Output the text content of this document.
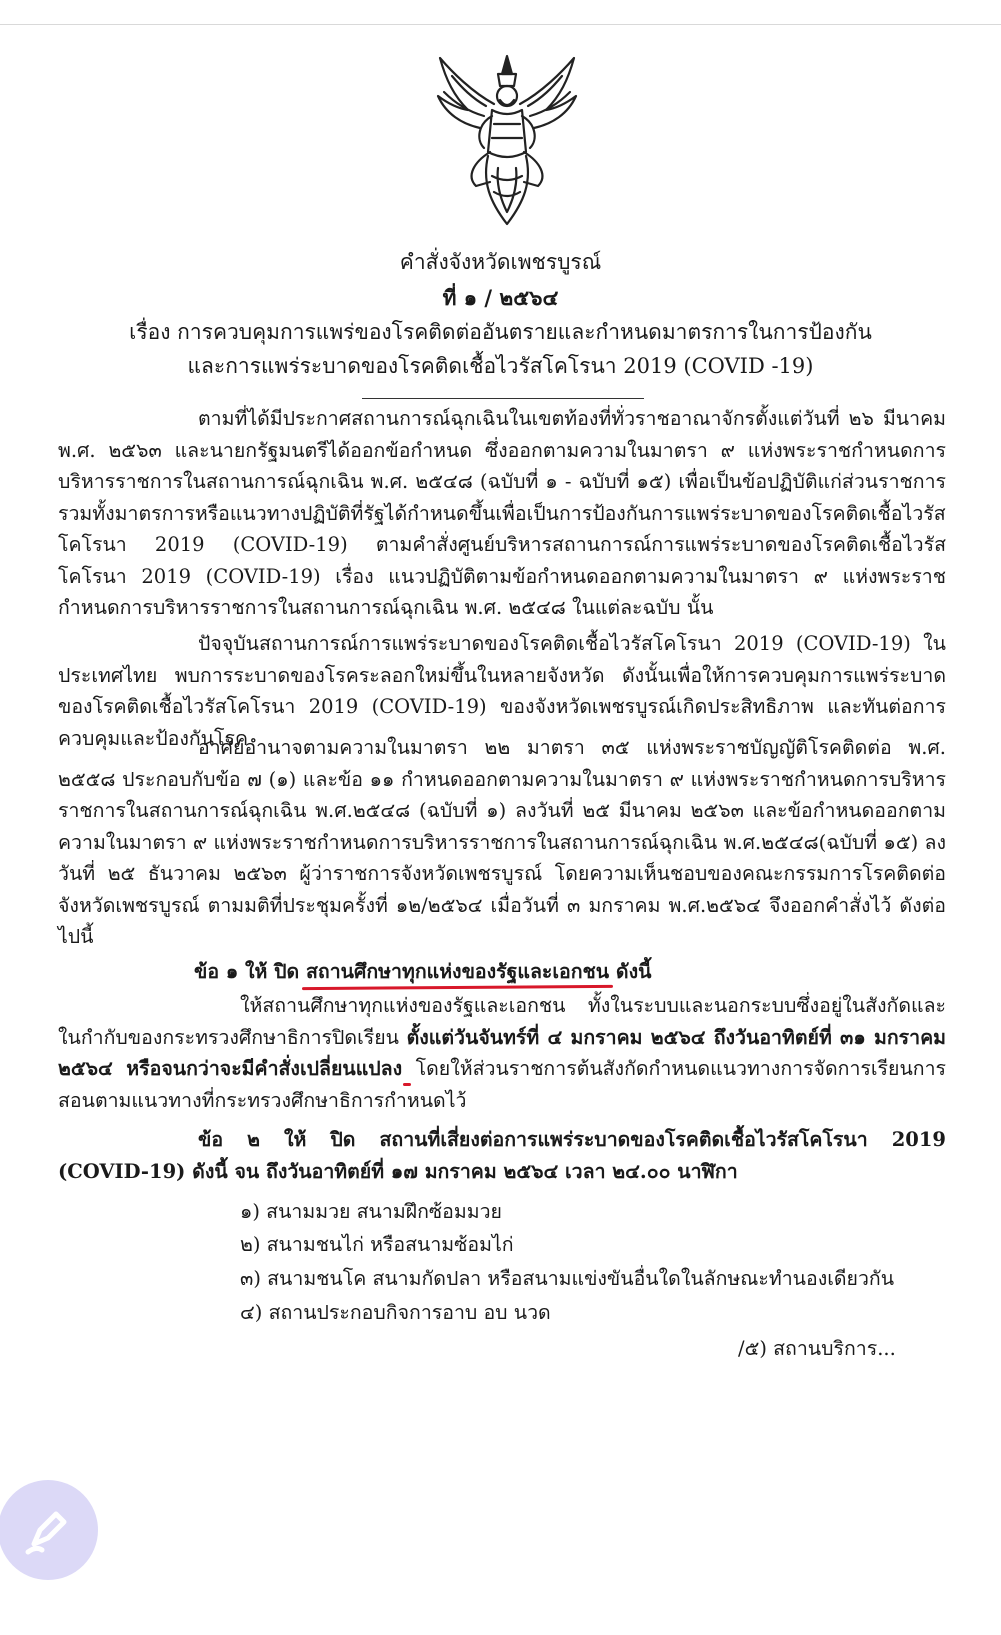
คำสั่งจังหวัดเพชรบูรณ์
ที่ ๑ / ๒๕๖๔
เรื่อง การควบคุมการแพร่ของโรคติดต่ออันตรายและกำหนดมาตรการในการป้องกัน
และการแพร่ระบาดของโรคติดเชื้อไวรัสโคโรนา 2019 (COVID -19)

ตามที่ได้มีประกาศสถานการณ์ฉุกเฉินในเขตท้องที่ทั่วราชอาณาจักรตั้งแต่วันที่ ๒๖ มีนาคม พ.ศ. ๒๕๖๓ และนายกรัฐมนตรีได้ออกข้อกำหนด ซึ่งออกตามความในมาตรา ๙ แห่งพระราชกำหนดการบริหารราชการในสถานการณ์ฉุกเฉิน พ.ศ. ๒๕๔๘ (ฉบับที่ ๑ - ฉบับที่ ๑๕) เพื่อเป็นข้อปฏิบัติแก่ส่วนราชการ รวมทั้งมาตรการหรือแนวทางปฏิบัติที่รัฐได้กำหนดขึ้นเพื่อเป็นการป้องกันการแพร่ระบาดของโรคติดเชื้อไวรัสโคโรนา 2019 (COVID-19) ตามคำสั่งศูนย์บริหารสถานการณ์การแพร่ระบาดของโรคติดเชื้อไวรัสโคโรนา 2019 (COVID-19) เรื่อง แนวปฏิบัติตามข้อกำหนดออกตามความในมาตรา ๙ แห่งพระราชกำหนดการบริหารราชการในสถานการณ์ฉุกเฉิน พ.ศ. ๒๕๔๘ ในแต่ละฉบับ นั้น

ปัจจุบันสถานการณ์การแพร่ระบาดของโรคติดเชื้อไวรัสโคโรนา 2019 (COVID-19) ในประเทศไทย พบการระบาดของโรคระลอกใหม่ขึ้นในหลายจังหวัด ดังนั้นเพื่อให้การควบคุมการแพร่ระบาดของโรคติดเชื้อไวรัสโคโรนา 2019 (COVID-19) ของจังหวัดเพชรบูรณ์เกิดประสิทธิภาพ และทันต่อการควบคุมและป้องกันโรค

อาศัยอำนาจตามความในมาตรา ๒๒ มาตรา ๓๕ แห่งพระราชบัญญัติโรคติดต่อ พ.ศ. ๒๕๕๘ ประกอบกับข้อ ๗ (๑) และข้อ ๑๑ กำหนดออกตามความในมาตรา ๙ แห่งพระราชกำหนดการบริหารราชการในสถานการณ์ฉุกเฉิน พ.ศ.๒๕๔๘ (ฉบับที่ ๑) ลงวันที่ ๒๕ มีนาคม ๒๕๖๓ และข้อกำหนดออกตามความในมาตรา ๙ แห่งพระราชกำหนดการบริหารราชการในสถานการณ์ฉุกเฉิน พ.ศ.๒๕๔๘(ฉบับที่ ๑๕) ลงวันที่ ๒๕ ธันวาคม ๒๕๖๓ ผู้ว่าราชการจังหวัดเพชรบูรณ์ โดยความเห็นชอบของคณะกรรมการโรคติดต่อจังหวัดเพชรบูรณ์ ตามมติที่ประชุมครั้งที่ ๑๒/๒๕๖๔ เมื่อวันที่ ๓ มกราคม พ.ศ.๒๕๖๔ จึงออกคำสั่งไว้ ดังต่อไปนี้

ข้อ ๑ ให้ ปิด สถานศึกษาทุกแห่งของรัฐและเอกชน ดังนี้

ให้สถานศึกษาทุกแห่งของรัฐและเอกชน ทั้งในระบบและนอกระบบซึ่งอยู่ในสังกัดและในกำกับของกระทรวงศึกษาธิการปิดเรียน ตั้งแต่วันจันทร์ที่ ๔ มกราคม ๒๕๖๔ ถึงวันอาทิตย์ที่ ๓๑ มกราคม ๒๕๖๔ หรือจนกว่าจะมีคำสั่งเปลี่ยนแปลง โดยให้ส่วนราชการต้นสังกัดกำหนดแนวทางการจัดการเรียนการสอนตามแนวทางที่กระทรวงศึกษาธิการกำหนดไว้

ข้อ ๒ ให้ ปิด สถานที่เสี่ยงต่อการแพร่ระบาดของโรคติดเชื้อไวรัสโคโรนา 2019 (COVID-19) ดังนี้ จน ถึงวันอาทิตย์ที่ ๑๗ มกราคม ๒๕๖๔ เวลา ๒๔.๐๐ นาฬิกา

๑) สนามมวย สนามฝึกซ้อมมวย
๒) สนามชนไก่ หรือสนามซ้อมไก่
๓) สนามชนโค สนามกัดปลา หรือสนามแข่งขันอื่นใดในลักษณะทำนองเดียวกัน
๔) สถานประกอบกิจการอาบ อบ นวด
/๕) สถานบริการ...
